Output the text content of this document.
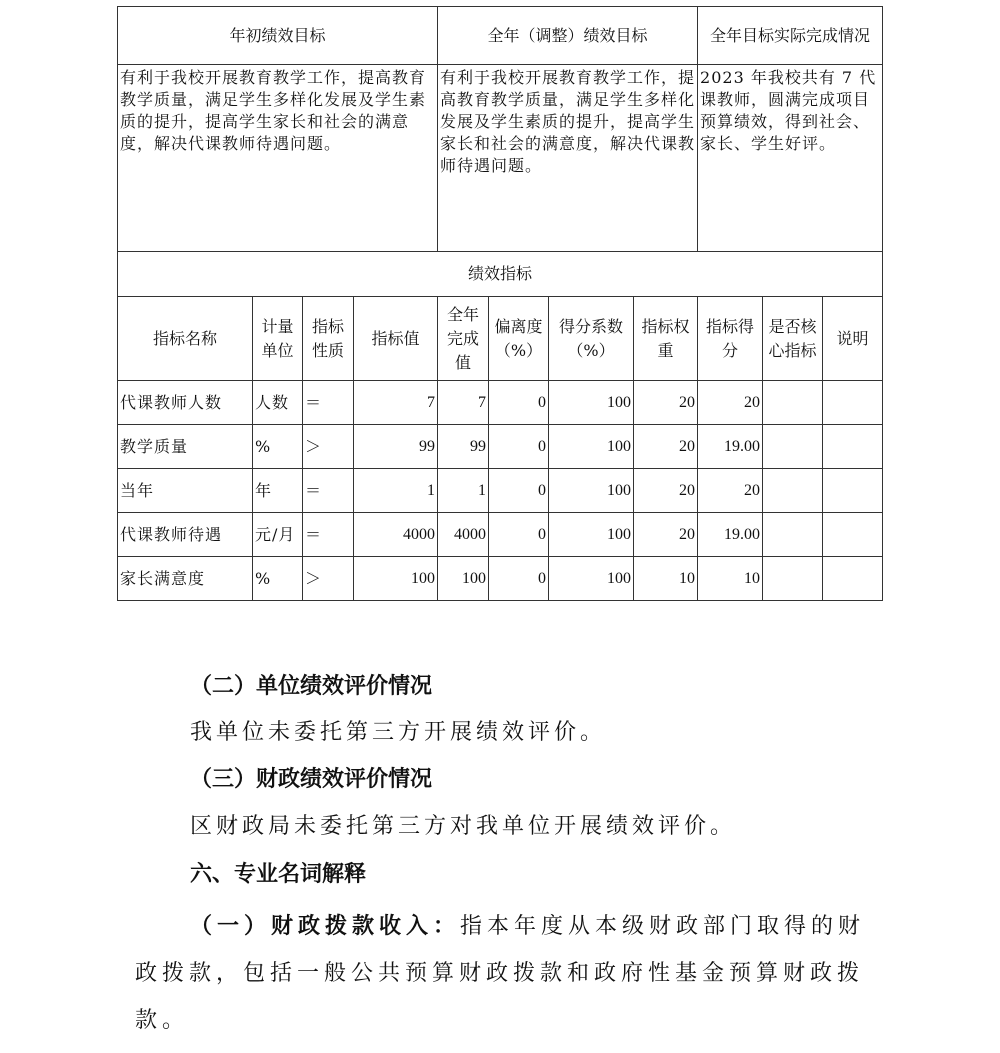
年初绩效目标				全年（调整）绩效目标				全年目标实际完成情况		
有利于我校开展教育教学工作，提高教育教学质量，满足学生多样化发展及学生素质的提升，提高学生家长和社会的满意度，解决代课教师待遇问题。				有利于我校开展教育教学工作，提高教育教学质量，满足学生多样化发展及学生素质的提升，提高学生家长和社会的满意度，解决代课教师待遇问题。				2023 年我校共有 7 代课教师，圆满完成项目预算绩效，得到社会、家长、学生好评。		
绩效指标										
指标名称	计量单位	指标性质	指标值	全年完成值	偏离度（%）	得分系数（%）	指标权重	指标得分	是否核心指标	说明
代课教师人数	人数	＝	7	7	0	100	20	20		
教学质量	%	＞	99	99	0	100	20	19.00		
当年	年	＝	1	1	0	100	20	20		
代课教师待遇	元/月	＝	4000	4000	0	100	20	19.00		
家长满意度	%	＞	100	100	0	100	10	10		

（二）单位绩效评价情况

我单位未委托第三方开展绩效评价。

（三）财政绩效评价情况

区财政局未委托第三方对我单位开展绩效评价。

六、专业名词解释

（一）财政拨款收入：指本年度从本级财政部门取得的财政拨款，包括一般公共预算财政拨款和政府性基金预算财政拨款。
